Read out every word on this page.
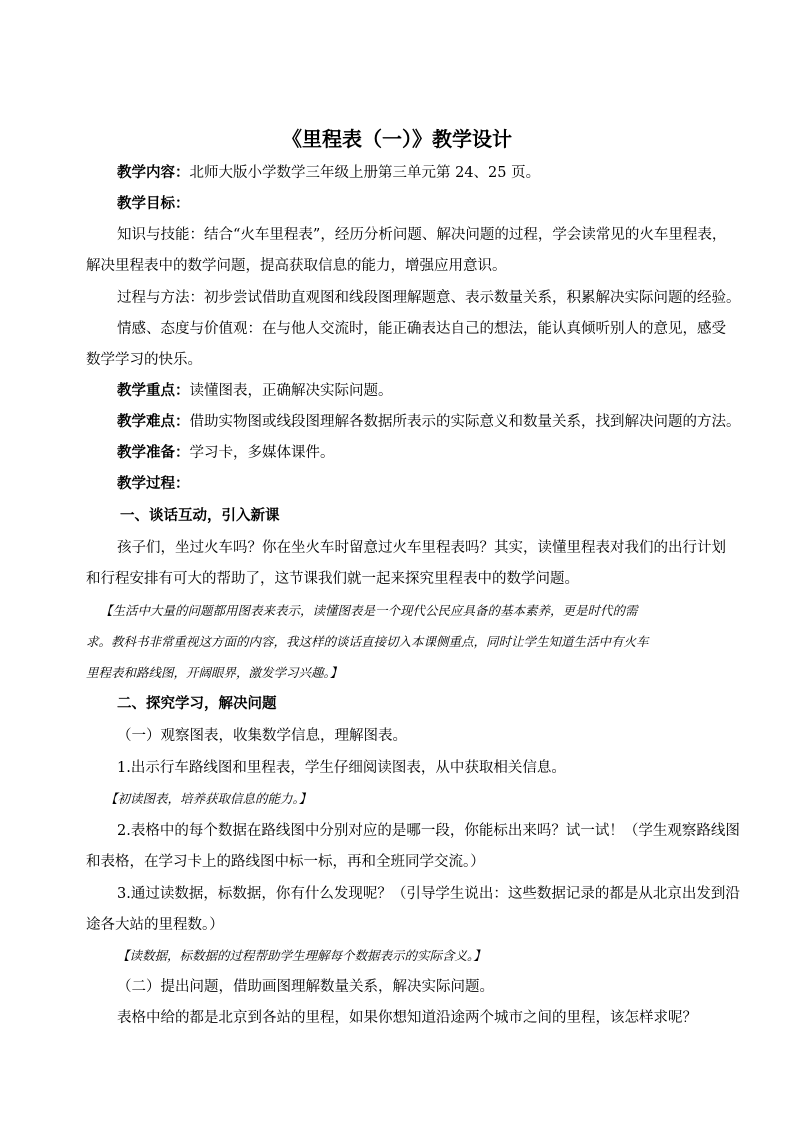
《里程表（一）》教学设计
教学内容：北师大版小学数学三年级上册第三单元第 24、25 页。
教学目标：
知识与技能：结合“火车里程表”，经历分析问题、解决问题的过程，学会读常见的火车里程表，
解决里程表中的数学问题，提高获取信息的能力，增强应用意识。
过程与方法：初步尝试借助直观图和线段图理解题意、表示数量关系，积累解决实际问题的经验。
情感、态度与价值观：在与他人交流时，能正确表达自己的想法，能认真倾听别人的意见，感受
数学学习的快乐。
教学重点：读懂图表，正确解决实际问题。
教学难点：借助实物图或线段图理解各数据所表示的实际意义和数量关系，找到解决问题的方法。
教学准备：学习卡，多媒体课件。
教学过程：
一、谈话互动，引入新课
孩子们，坐过火车吗？你在坐火车时留意过火车里程表吗？其实，读懂里程表对我们的出行计划
和行程安排有可大的帮助了，这节课我们就一起来探究里程表中的数学问题。
【生活中大量的问题都用图表来表示，读懂图表是一个现代公民应具备的基本素养，更是时代的需
求。教科书非常重视这方面的内容，我这样的谈话直接切入本课侧重点，同时让学生知道生活中有火车
里程表和路线图，开阔眼界，激发学习兴趣。】
二、探究学习，解决问题
（一）观察图表，收集数学信息，理解图表。
1.出示行车路线图和里程表，学生仔细阅读图表，从中获取相关信息。
【初读图表，培养获取信息的能力。】
2.表格中的每个数据在路线图中分别对应的是哪一段，你能标出来吗？试一试！（学生观察路线图
和表格，在学习卡上的路线图中标一标，再和全班同学交流。）
3.通过读数据，标数据，你有什么发现呢？（引导学生说出：这些数据记录的都是从北京出发到沿
途各大站的里程数。）
【读数据，标数据的过程帮助学生理解每个数据表示的实际含义。】
（二）提出问题，借助画图理解数量关系，解决实际问题。
表格中给的都是北京到各站的里程，如果你想知道沿途两个城市之间的里程，该怎样求呢？
